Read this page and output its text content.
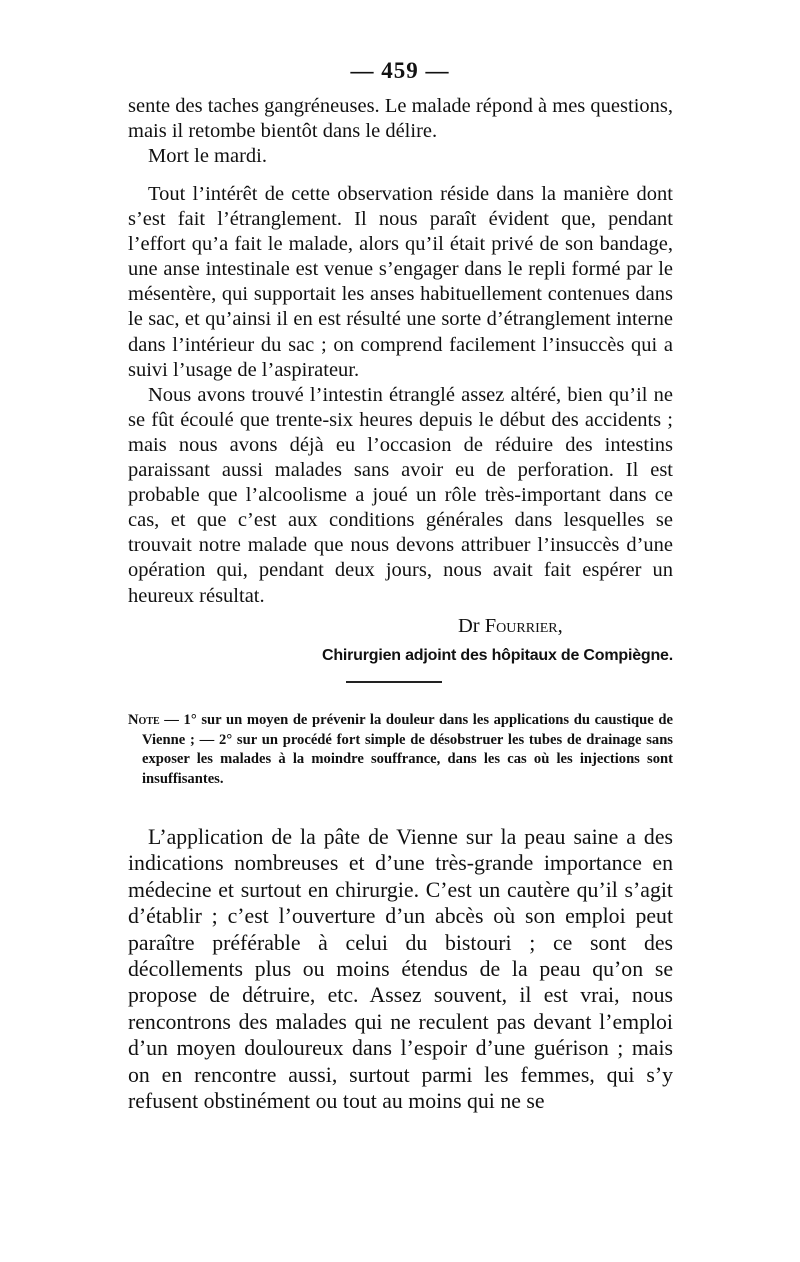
— 459 —

sente des taches gangréneuses. Le malade répond à mes questions, mais il retombe bientôt dans le délire.

Mort le mardi.

Tout l’intérêt de cette observation réside dans la manière dont s’est fait l’étranglement. Il nous paraît évident que, pendant l’effort qu’a fait le malade, alors qu’il était privé de son bandage, une anse intestinale est venue s’engager dans le repli formé par le mésentère, qui supportait les anses habituellement contenues dans le sac, et qu’ainsi il en est résulté une sorte d’étranglement interne dans l’intérieur du sac ; on comprend facilement l’insuccès qui a suivi l’usage de l’aspirateur.

Nous avons trouvé l’intestin étranglé assez altéré, bien qu’il ne se fût écoulé que trente-six heures depuis le début des accidents ; mais nous avons déjà eu l’occasion de réduire des intestins paraissant aussi malades sans avoir eu de perforation. Il est probable que l’alcoolisme a joué un rôle très-important dans ce cas, et que c’est aux conditions générales dans lesquelles se trouvait notre malade que nous devons attribuer l’insuccès d’une opération qui, pendant deux jours, nous avait fait espérer un heureux résultat.

Dr Fourrier,
Chirurgien adjoint des hôpitaux de Compiègne.
Note — 1° sur un moyen de prévenir la douleur dans les applications du caustique de Vienne ; — 2° sur un procédé fort simple de désobstruer les tubes de drainage sans exposer les malades à la moindre souffrance, dans les cas où les injections sont insuffisantes.

L’application de la pâte de Vienne sur la peau saine a des indications nombreuses et d’une très-grande importance en médecine et surtout en chirurgie. C’est un cautère qu’il s’agit d’établir ; c’est l’ouverture d’un abcès où son emploi peut paraître préférable à celui du bistouri ; ce sont des décollements plus ou moins étendus de la peau qu’on se propose de détruire, etc. Assez souvent, il est vrai, nous rencontrons des malades qui ne reculent pas devant l’emploi d’un moyen douloureux dans l’espoir d’une guérison ; mais on en rencontre aussi, surtout parmi les femmes, qui s’y refusent obstinément ou tout au moins qui ne se
